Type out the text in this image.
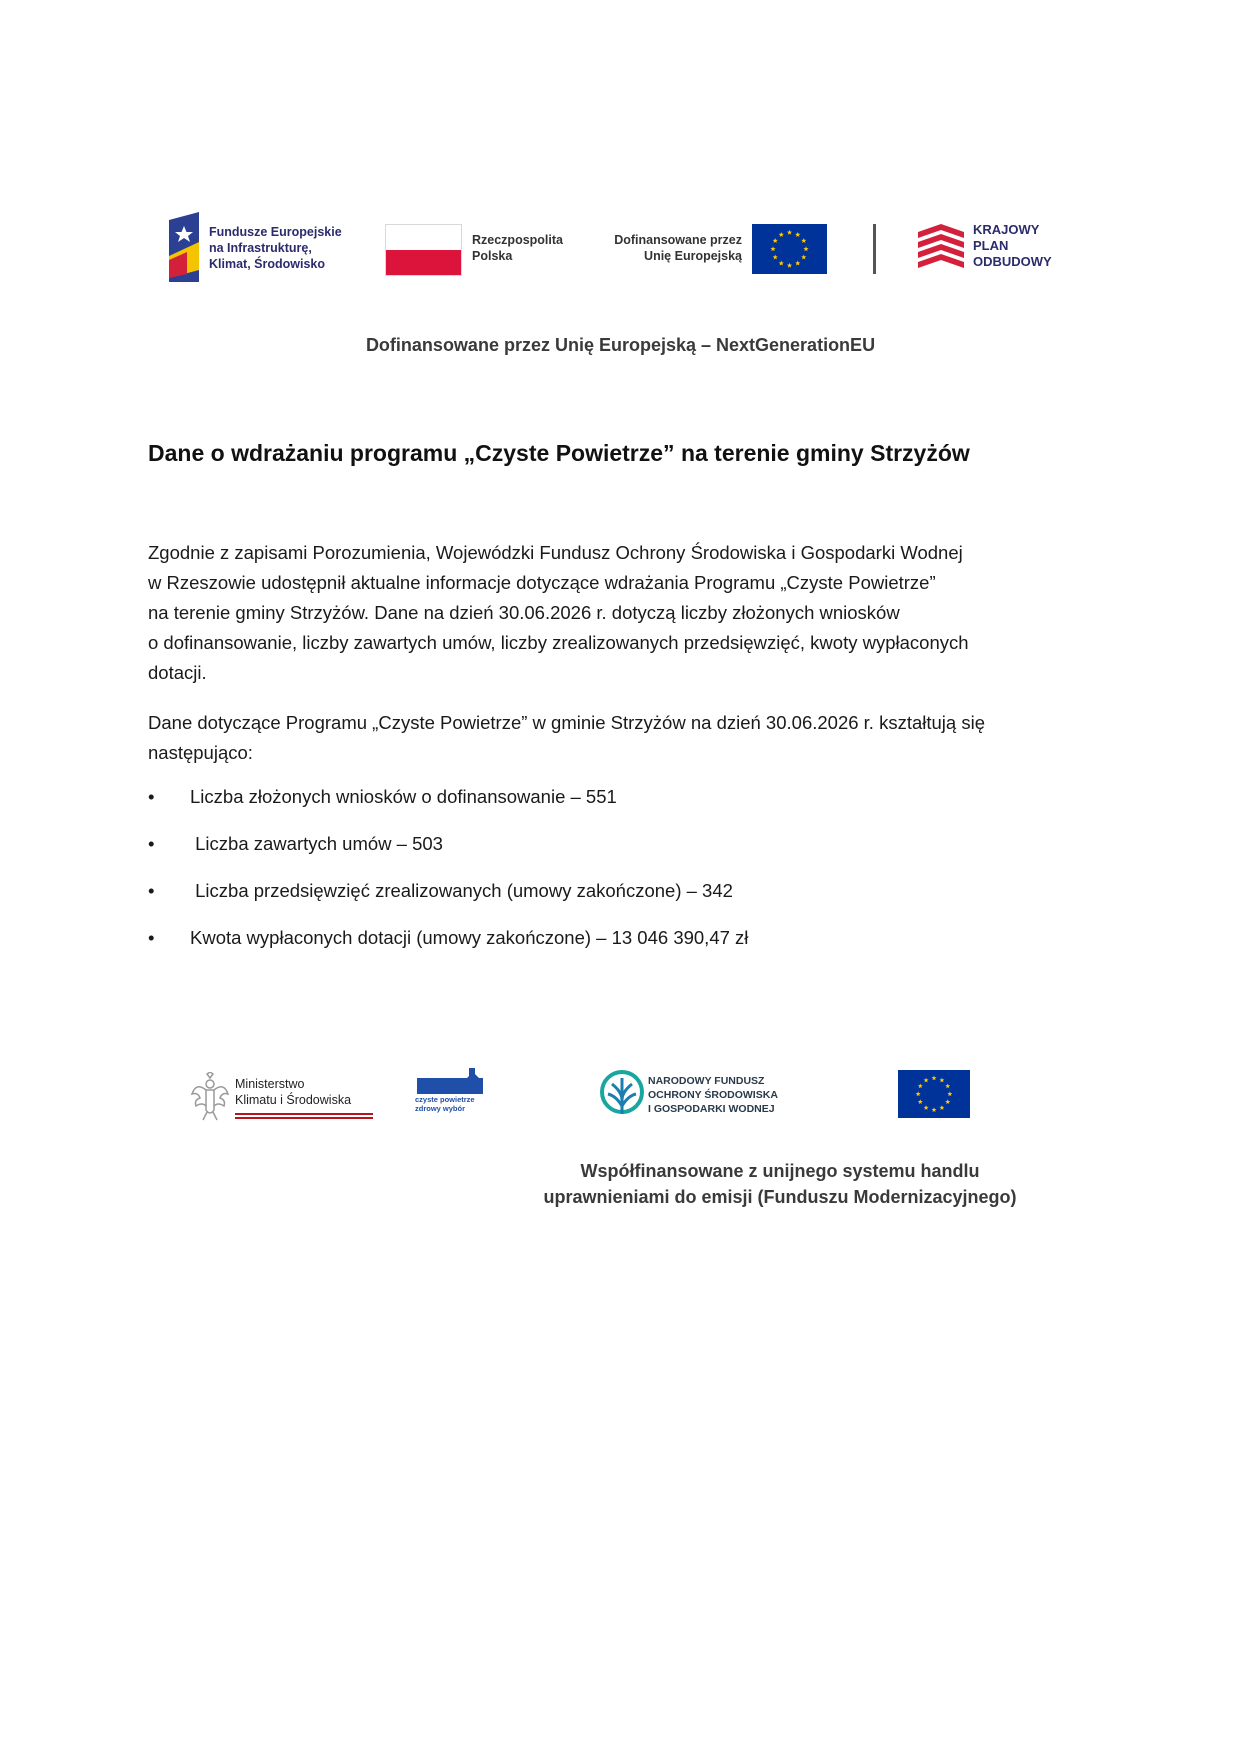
Fundusze Europejskie
na Infrastrukturę,
Klimat, Środowisko
Rzeczpospolita
Polska
Dofinansowane przez
Unię Europejską
KRAJOWY
PLAN
ODBUDOWY
Dofinansowane przez Unię Europejską – NextGenerationEU
Dane o wdrażaniu programu „Czyste Powietrze” na terenie gminy Strzyżów

Zgodnie z zapisami Porozumienia, Wojewódzki Fundusz Ochrony Środowiska i Gospodarki Wodnej
w Rzeszowie udostępnił aktualne informacje dotyczące wdrażania Programu „Czyste Powietrze”
na terenie gminy Strzyżów. Dane na dzień 30.06.2026 r. dotyczą liczby złożonych wniosków
o dofinansowanie, liczby zawartych umów, liczby zrealizowanych przedsięwzięć, kwoty wypłaconych
dotacji.

Dane dotyczące Programu „Czyste Powietrze” w gminie Strzyżów na dzień 30.06.2026 r. kształtują się
następująco:

• Liczba złożonych wniosków o dofinansowanie – 551
• Liczba zawartych umów – 503
• Liczba przedsięwzięć zrealizowanych (umowy zakończone) – 342
• Kwota wypłaconych dotacji (umowy zakończone) – 13 046 390,47 zł
Ministerstwo
Klimatu i Środowiska	czyste powietrze
zdrowy wybór
NARODOWY FUNDUSZ
OCHRONY ŚRODOWISKA
I GOSPODARKI WODNEJ
Współfinansowane z unijnego systemu handlu
uprawnieniami do emisji (Funduszu Modernizacyjnego)
